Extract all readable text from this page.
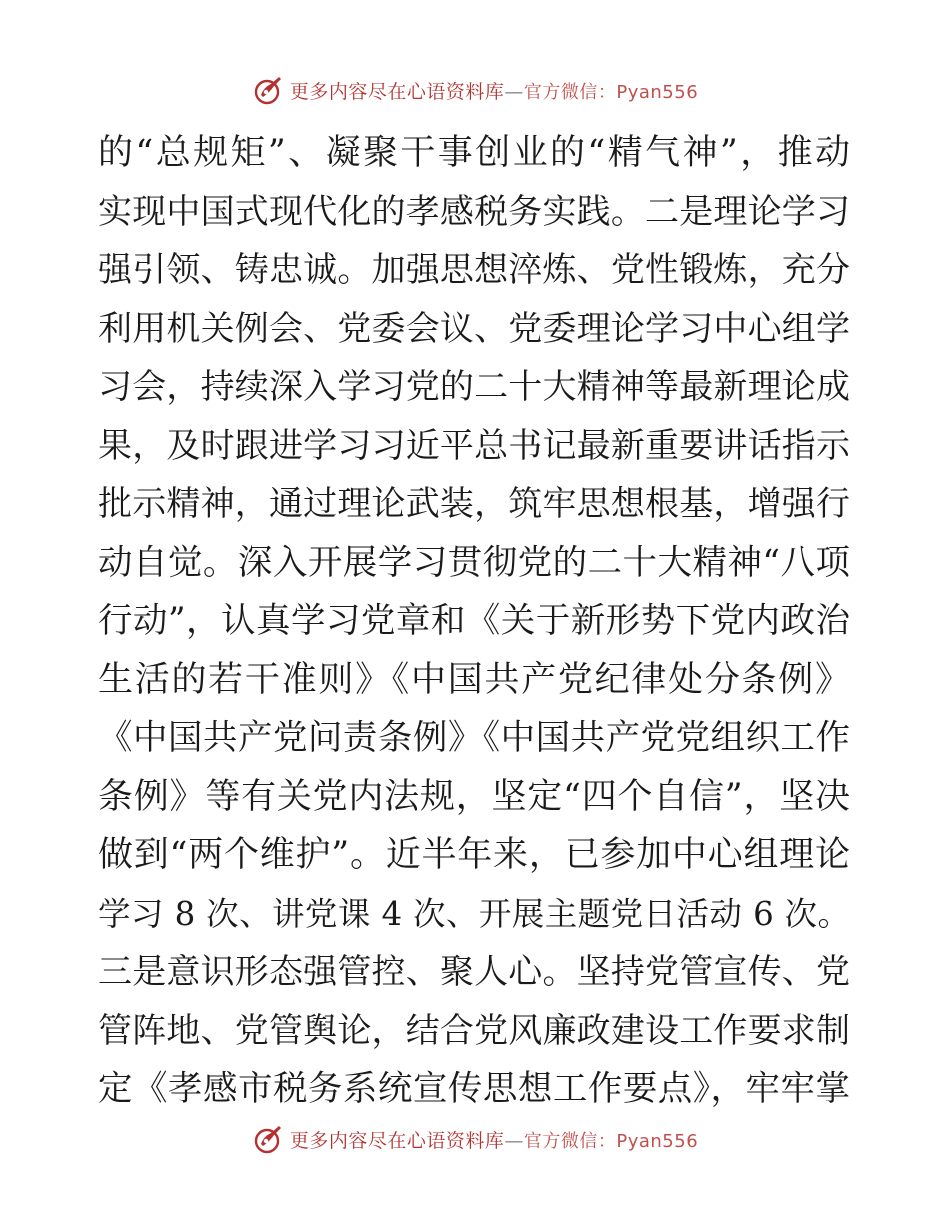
更多内容尽在心语资料库—官方微信：Pyan556
的“总规矩”、凝聚干事创业的“精气神”，推动
实现中国式现代化的孝感税务实践。二是理论学习
强引领、铸忠诚。加强思想淬炼、党性锻炼，充分
利用机关例会、党委会议、党委理论学习中心组学
习会，持续深入学习党的二十大精神等最新理论成
果，及时跟进学习习近平总书记最新重要讲话指示
批示精神，通过理论武装，筑牢思想根基，增强行
动自觉。深入开展学习贯彻党的二十大精神“八项
行动”，认真学习党章和《关于新形势下党内政治
生活的若干准则》《中国共产党纪律处分条例》
《中国共产党问责条例》《中国共产党党组织工作
条例》等有关党内法规，坚定“四个自信”，坚决
做到“两个维护”。近半年来，已参加中心组理论
学习 8 次、讲党课 4 次、开展主题党日活动 6 次。
三是意识形态强管控、聚人心。坚持党管宣传、党
管阵地、党管舆论，结合党风廉政建设工作要求制
定《孝感市税务系统宣传思想工作要点》，牢牢掌
更多内容尽在心语资料库—官方微信：Pyan556
